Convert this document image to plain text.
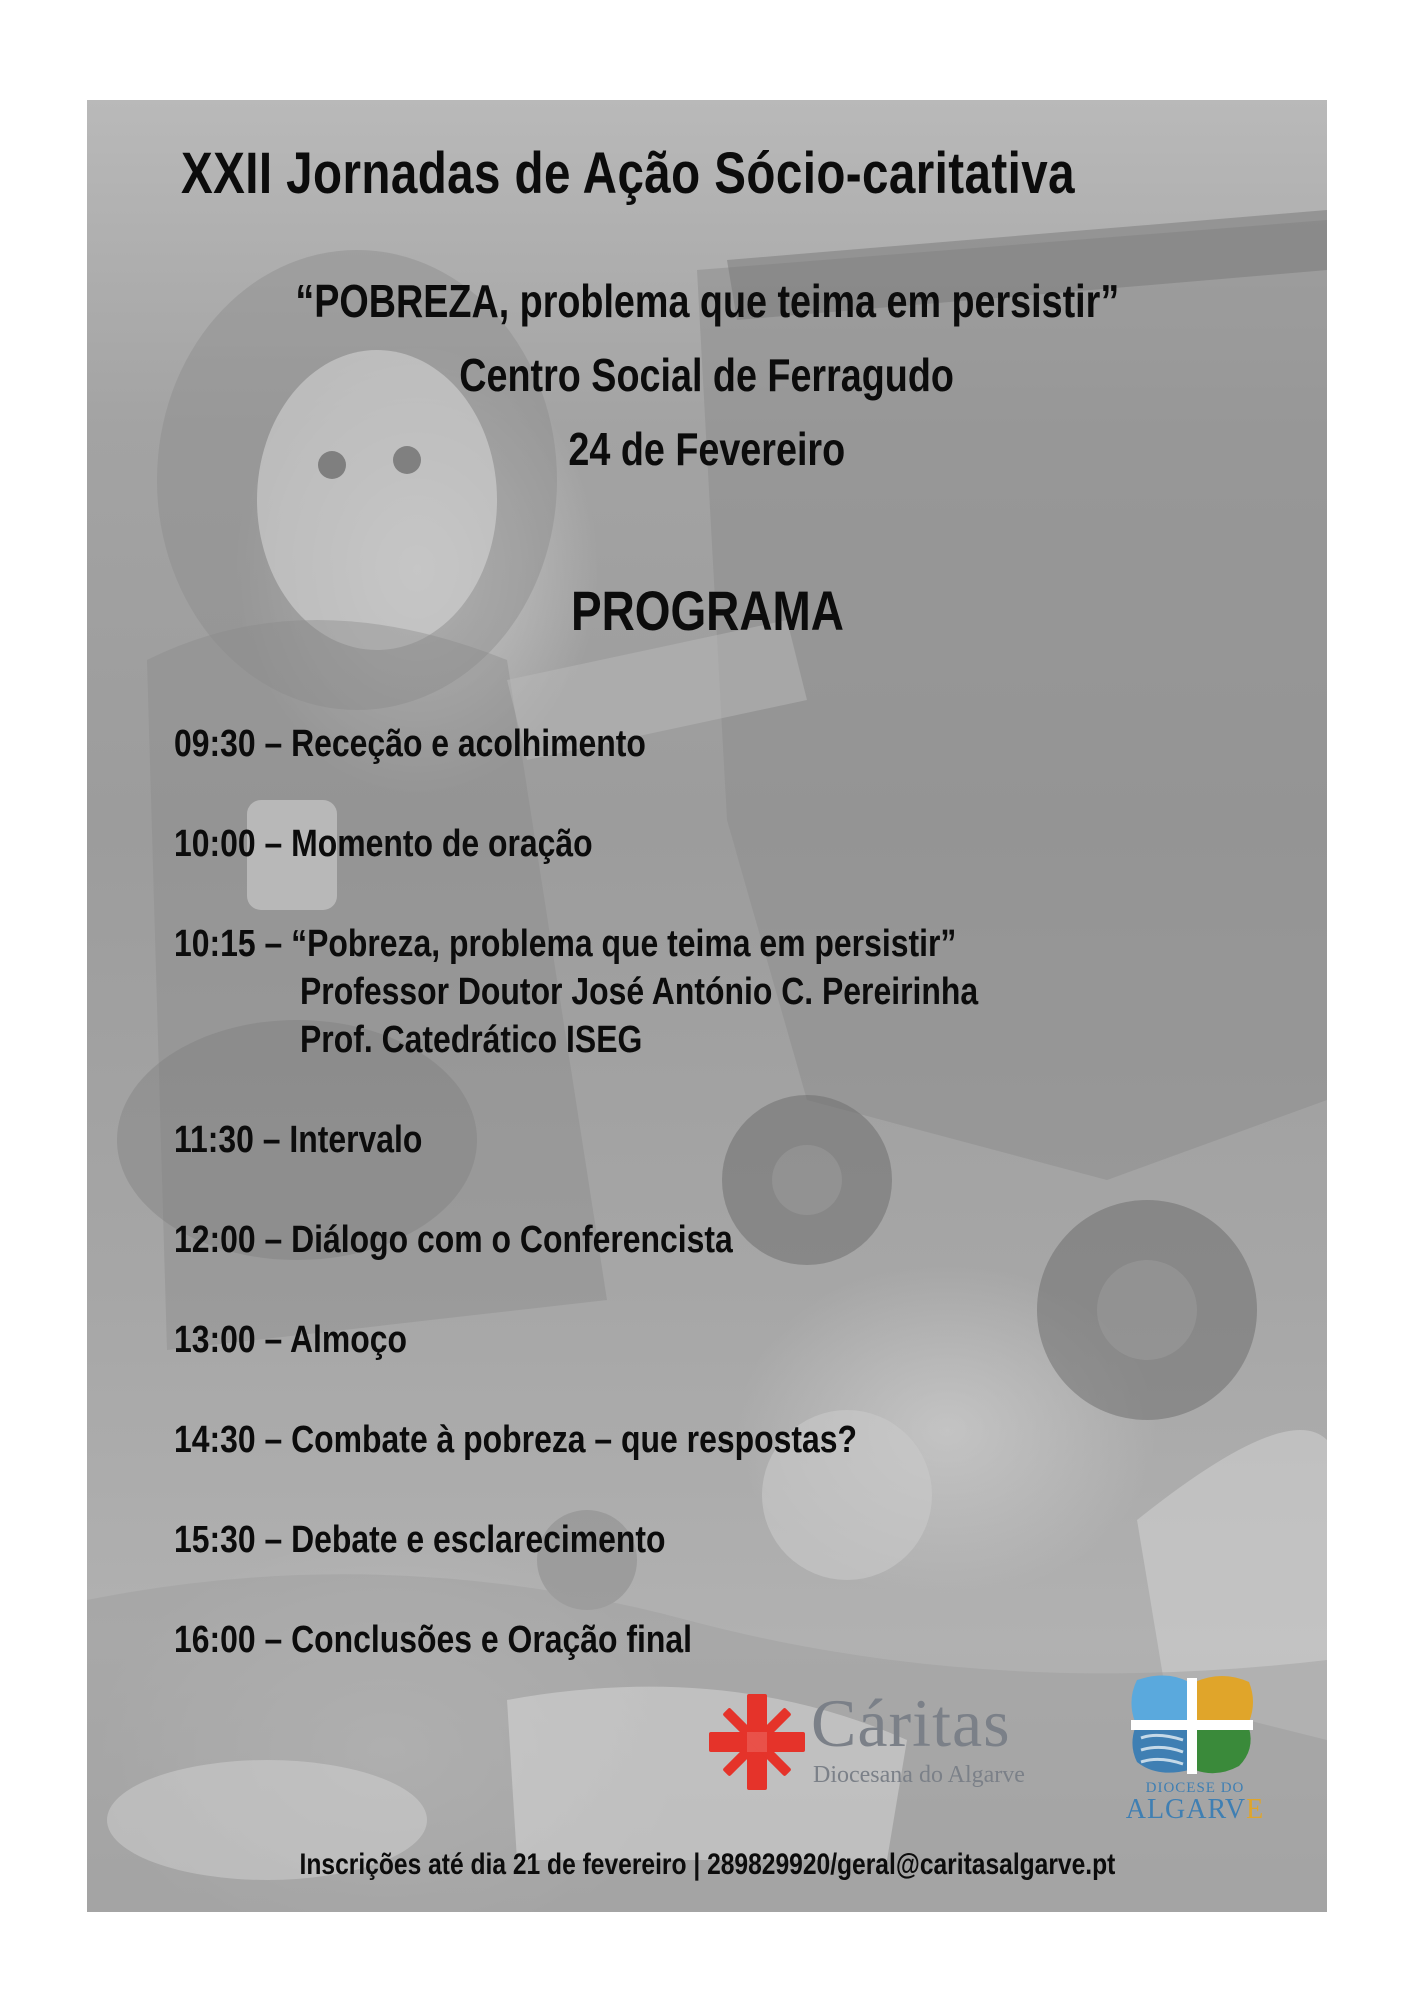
XXII Jornadas de Ação Sócio-caritativa
“POBREZA, problema que teima em persistir”
Centro Social de Ferragudo
24 de Fevereiro
PROGRAMA
09:30 – Receção e acolhimento
10:00 – Momento de oração
10:15 – “Pobreza, problema que teima em persistir”
Professor Doutor José António C. Pereirinha
Prof. Catedrático ISEG
11:30 – Intervalo
12:00 – Diálogo com o Conferencista
13:00 – Almoço
14:30 – Combate à pobreza – que respostas?
15:30 – Debate e esclarecimento
16:00 – Conclusões e Oração final
Cáritas
Diocesana do Algarve	DIOCESE DO
ALGARVE
Inscrições até dia 21 de fevereiro | 289829920/geral@caritasalgarve.pt
